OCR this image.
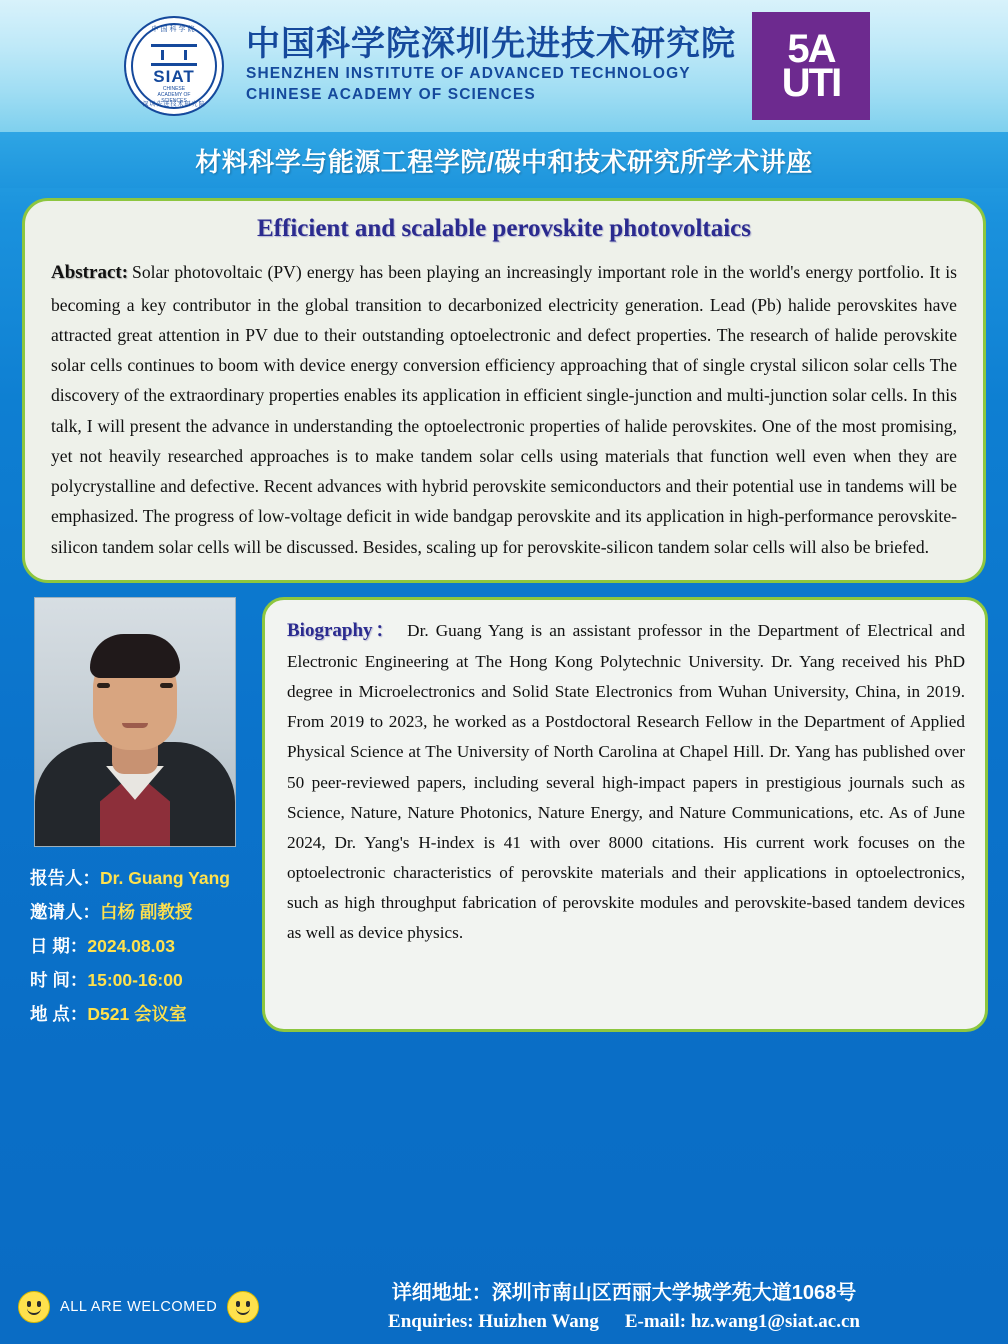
中国科学院
SIAT
CHINESE
ACADEMY OF
SCIENCES
深圳先进技术研究院
中国科学院深圳先进技术研究院
SHENZHEN INSTITUTE OF ADVANCED TECHNOLOGY
CHINESE ACADEMY OF SCIENCES
5A
UTI
材料科学与能源工程学院/碳中和技术研究所学术讲座
Efficient and scalable perovskite photovoltaics
Abstract: Solar photovoltaic (PV) energy has been playing an increasingly important role in the world's energy portfolio. It is becoming a key contributor in the global transition to decarbonized electricity generation. Lead (Pb) halide perovskites have attracted great attention in PV due to their outstanding optoelectronic and defect properties. The research of halide perovskite solar cells continues to boom with device energy conversion efficiency approaching that of single crystal silicon solar cells The discovery of the extraordinary properties enables its application in efficient single-junction and multi-junction solar cells. In this talk, I will present the advance in understanding the optoelectronic properties of halide perovskites. One of the most promising, yet not heavily researched approaches is to make tandem solar cells using materials that function well even when they are polycrystalline and defective. Recent advances with hybrid perovskite semiconductors and their potential use in tandems will be emphasized. The progress of low-voltage deficit in wide bandgap perovskite and its application in high-performance perovskite-silicon tandem solar cells will be discussed. Besides, scaling up for perovskite-silicon tandem solar cells will also be briefed.
报告人：Dr. Guang Yang
邀请人：白杨 副教授
日 期：2024.08.03
时 间：15:00-16:00
地 点：D521 会议室
Biography： Dr. Guang Yang is an assistant professor in the Department of Electrical and Electronic Engineering at The Hong Kong Polytechnic University. Dr. Yang received his PhD degree in Microelectronics and Solid State Electronics from Wuhan University, China, in 2019. From 2019 to 2023, he worked as a Postdoctoral Research Fellow in the Department of Applied Physical Science at The University of North Carolina at Chapel Hill. Dr. Yang has published over 50 peer-reviewed papers, including several high-impact papers in prestigious journals such as Science, Nature, Nature Photonics, Nature Energy, and Nature Communications, etc. As of June 2024, Dr. Yang's H-index is 41 with over 8000 citations. His current work focuses on the optoelectronic characteristics of perovskite materials and their applications in optoelectronics, such as high throughput fabrication of perovskite modules and perovskite-based tandem devices as well as device physics.
ALL ARE WELCOMED
详细地址：深圳市南山区西丽大学城学苑大道1068号
Enquiries: Huizhen Wang E-mail: hz.wang1@siat.ac.cn
